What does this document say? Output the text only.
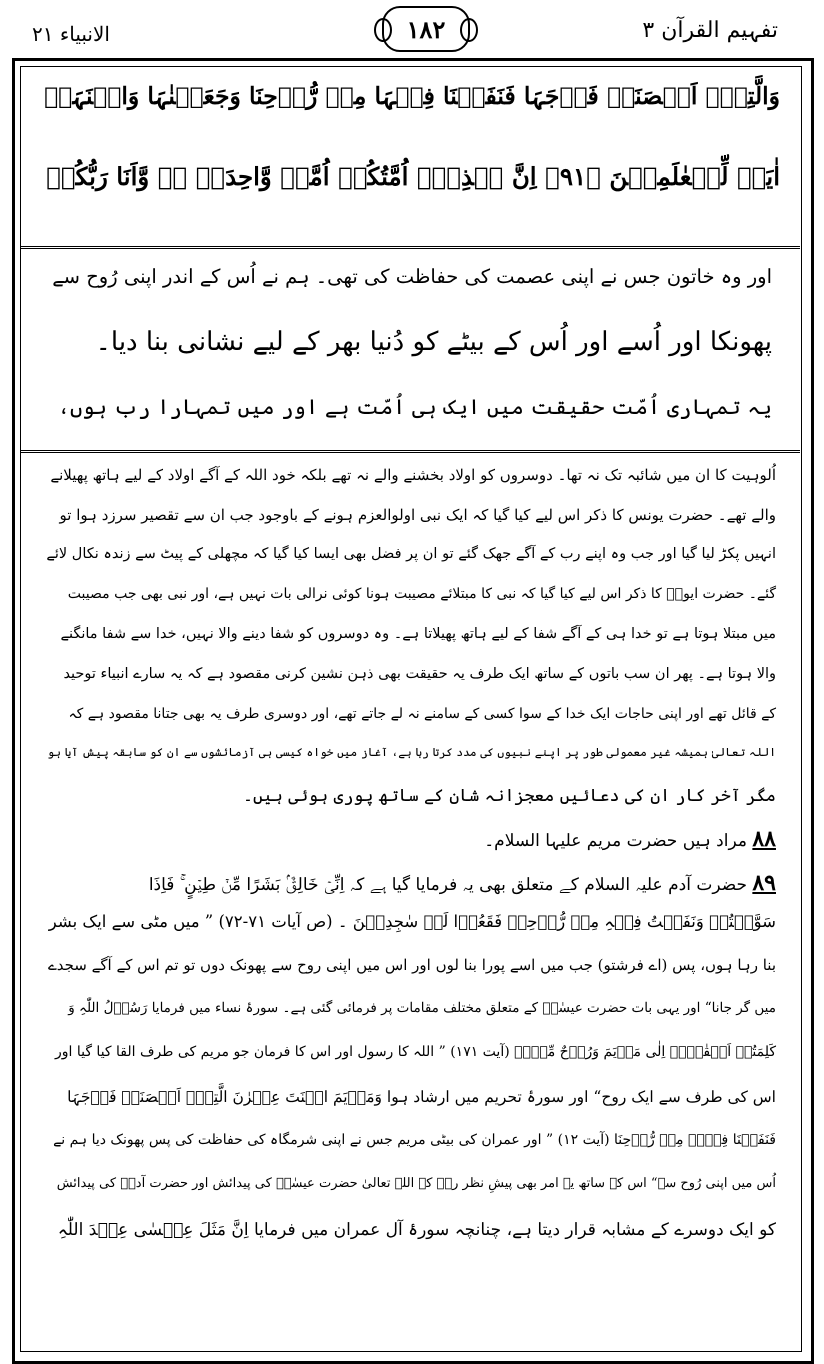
تفہیم القرآن ۳
۱۸۲
الانبیاء ۲۱
وَالَّتِیۡۤ اَحۡصَنَتۡ فَرۡجَہَا فَنَفَخۡنَا فِیۡہَا مِنۡ رُّوۡحِنَا وَجَعَلۡنٰہَا وَابۡنَہَاۤ
اٰیَۃً لِّلۡعٰلَمِیۡنَ ﴿۹۱﴾ اِنَّ ہٰذِہٖۤ اُمَّتُکُمۡ اُمَّۃً وَّاحِدَۃً ۫ۖ وَّاَنَا رَبُّکُمۡ
اور وہ خاتون جس نے اپنی عصمت کی حفاظت کی تھی۔ ہم نے اُس کے اندر اپنی رُوح سے
پھونکا اور اُسے اور اُس کے بیٹے کو دُنیا بھر کے لیے نشانی بنا دیا۔
یہ تمہاری اُمّت حقیقت میں ایک ہی اُمّت ہے اور میں تمہارا رب ہوں،
اُلوہیت کا ان میں شائبہ تک نہ تھا۔ دوسروں کو اولاد بخشنے والے نہ تھے بلکہ خود اللہ کے آگے اولاد کے لیے ہاتھ پھیلانے
والے تھے۔ حضرت یونس کا ذکر اس لیے کیا گیا کہ ایک نبی اولوالعزم ہونے کے باوجود جب ان سے تقصیر سرزد ہوا تو
انہیں پکڑ لیا گیا اور جب وہ اپنے رب کے آگے جھک گئے تو ان پر فضل بھی ایسا کیا گیا کہ مچھلی کے پیٹ سے زندہ نکال لائے
گئے۔ حضرت ایوبؑ کا ذکر اس لیے کیا گیا کہ نبی کا مبتلائے مصیبت ہونا کوئی نرالی بات نہیں ہے، اور نبی بھی جب مصیبت
میں مبتلا ہوتا ہے تو خدا ہی کے آگے شفا کے لیے ہاتھ پھیلاتا ہے۔ وہ دوسروں کو شفا دینے والا نہیں، خدا سے شفا مانگنے
والا ہوتا ہے۔ پھر ان سب باتوں کے ساتھ ایک طرف یہ حقیقت بھی ذہن نشین کرنی مقصود ہے کہ یہ سارے انبیاء توحید
کے قائل تھے اور اپنی حاجات ایک خدا کے سوا کسی کے سامنے نہ لے جاتے تھے، اور دوسری طرف یہ بھی جتانا مقصود ہے کہ
اللہ تعالیٰ ہمیشہ غیر معمولی طور پر اپنے نبیوں کی مدد کرتا رہا ہے، آغاز میں خواہ کیسی ہی آزمائشوں سے ان کو سابقہ پیش آیا ہو
مگر آخر کار ان کی دعائیں معجزانہ شان کے ساتھ پوری ہوئی ہیں۔
۸۸ مراد ہیں حضرت مریم علیہا السلام۔
۸۹ حضرت آدم علیہ السلام کے متعلق بھی یہ فرمایا گیا ہے کہ اِنِّیۡ خَالِقٌۢ بَشَرًا مِّنۡ طِیۡنٍ ۚ فَاِذَا
سَوَّیۡتُہٗ وَنَفَخۡتُ فِیۡہِ مِنۡ رُّوۡحِیۡ فَقَعُوۡا لَہٗ سٰجِدِیۡنَ ۔ (ص آیات ۷۱-۷۲) ” میں مٹی سے ایک بشر
بنا رہا ہوں، پس (اے فرشتو) جب میں اسے پورا بنا لوں اور اس میں اپنی روح سے پھونک دوں تو تم اس کے آگے سجدے
میں گر جانا“ اور یہی بات حضرت عیسٰیؑ کے متعلق مختلف مقامات پر فرمائی گئی ہے۔ سورۂ نساء میں فرمایا رَسُوۡلُ اللّٰہِ وَ
کَلِمَتُہٗ اَلۡقٰہَاۤ اِلٰی مَرۡیَمَ وَرُوۡحٌ مِّنۡہُ (آیت ۱۷۱) ” اللہ کا رسول اور اس کا فرمان جو مریم کی طرف القا کیا گیا اور
اس کی طرف سے ایک روح“ اور سورۂ تحریم میں ارشاد ہوا وَمَرۡیَمَ ابۡنَتَ عِمۡرٰنَ الَّتِیۡۤ اَحۡصَنَتۡ فَرۡجَہَا
فَنَفَخۡنَا فِیۡہِ مِنۡ رُّوۡحِنَا (آیت ۱۲) ” اور عمران کی بیٹی مریم جس نے اپنی شرمگاہ کی حفاظت کی پس پھونک دیا ہم نے
اُس میں اپنی رُوح سے“ اس کے ساتھ یہ امر بھی پیشِ نظر رہے کہ اللہ تعالیٰ حضرت عیسٰیؑ کی پیدائش اور حضرت آدمؑ کی پیدائش
کو ایک دوسرے کے مشابہ قرار دیتا ہے، چنانچہ سورۂ آل عمران میں فرمایا اِنَّ مَثَلَ عِیۡسٰی عِنۡدَ اللّٰہِ
